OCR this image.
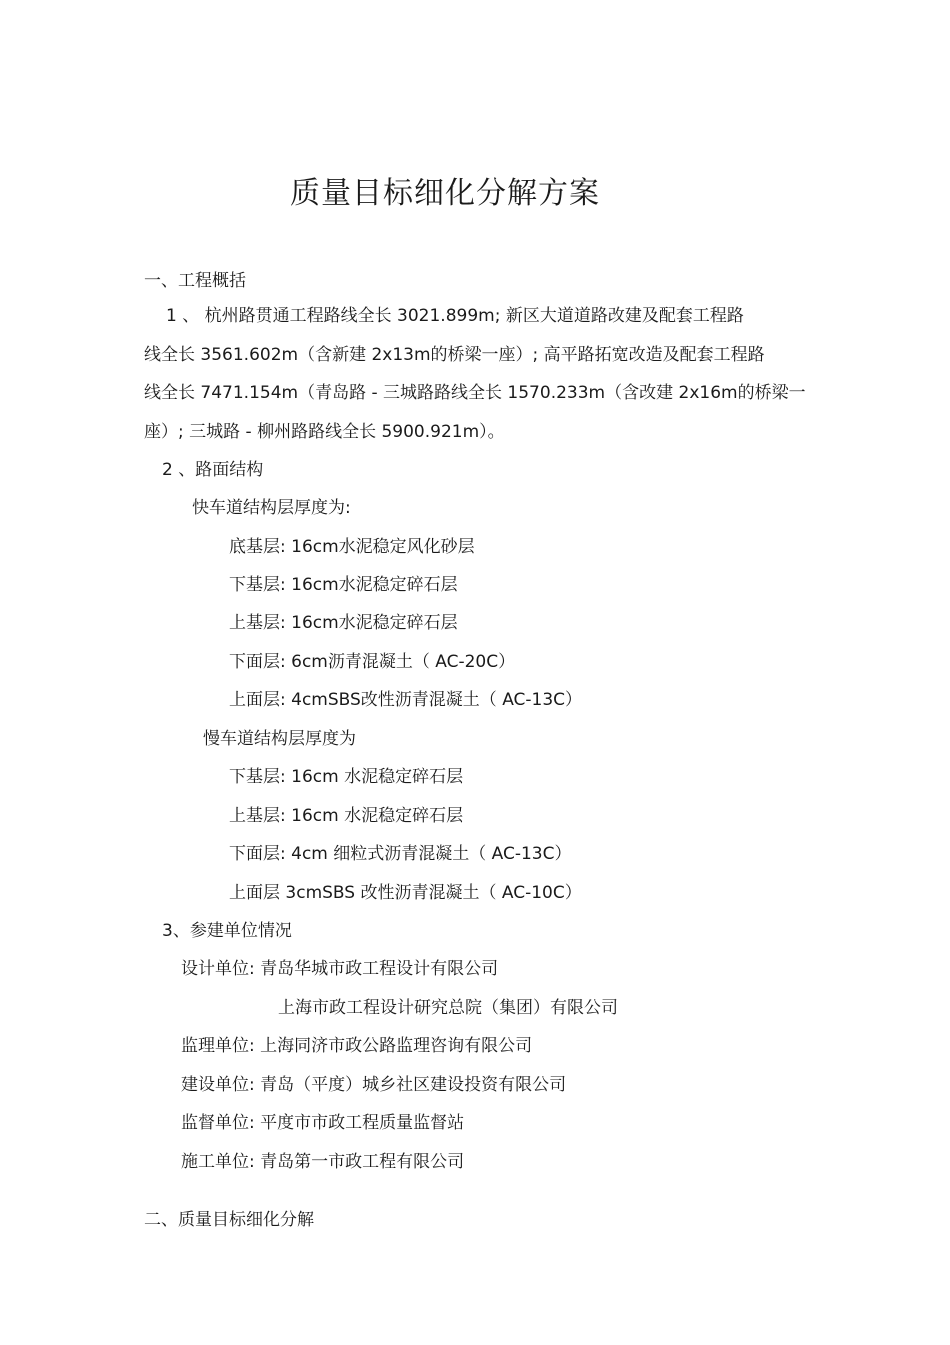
质量目标细化分解方案
一、工程概括
1 、 杭州路贯通工程路线全长 3021.899m; 新区大道道路改建及配套工程路
线全长 3561.602m（含新建 2x13m的桥梁一座）; 高平路拓宽改造及配套工程路
线全长 7471.154m（青岛路 - 三城路路线全长 1570.233m（含改建 2x16m的桥梁一
座）; 三城路 - 柳州路路线全长 5900.921m）。
2 、路面结构
快车道结构层厚度为:
底基层: 16cm水泥稳定风化砂层
下基层: 16cm水泥稳定碎石层
上基层: 16cm水泥稳定碎石层
下面层: 6cm沥青混凝土（ AC-20C）
上面层: 4cmSBS改性沥青混凝土（ AC-13C）
慢车道结构层厚度为
下基层: 16cm 水泥稳定碎石层
上基层: 16cm 水泥稳定碎石层
下面层: 4cm 细粒式沥青混凝土（ AC-13C）
上面层 3cmSBS 改性沥青混凝土（ AC-10C）
3、参建单位情况
设计单位: 青岛华城市政工程设计有限公司
上海市政工程设计研究总院（集团）有限公司
监理单位: 上海同济市政公路监理咨询有限公司
建设单位: 青岛（平度）城乡社区建设投资有限公司
监督单位: 平度市市政工程质量监督站
施工单位: 青岛第一市政工程有限公司
二、质量目标细化分解
